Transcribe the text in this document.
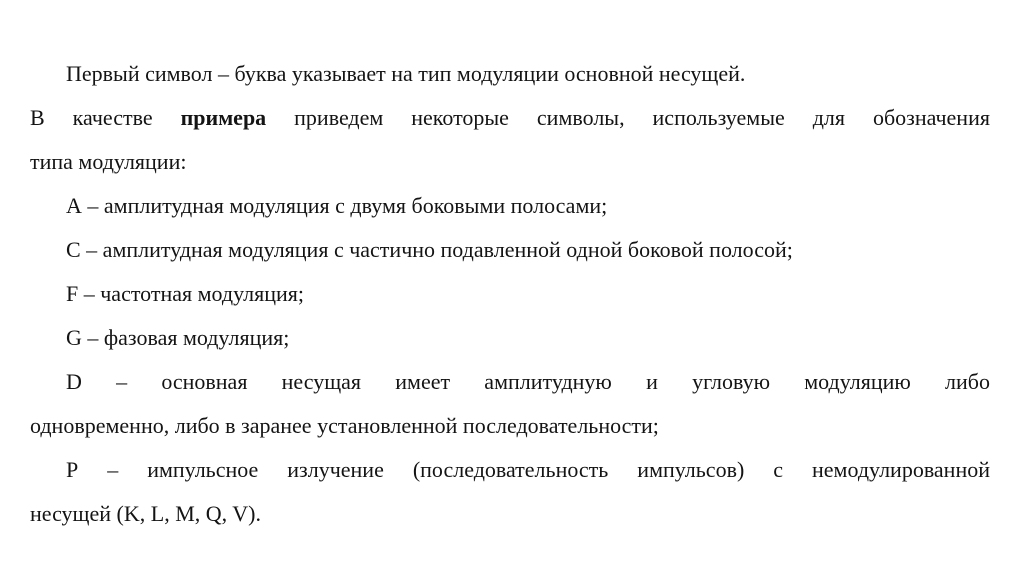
Первый символ – буква указывает на тип модуляции основной несущей.

В качестве примера приведем некоторые символы, используемые для обозначения

типа модуляции:

А – амплитудная модуляция с двумя боковыми полосами;

С – амплитудная модуляция с частично подавленной одной боковой полосой;

F – частотная модуляция;

G – фазовая модуляция;

D – основная несущая имеет амплитудную и угловую модуляцию либо

одновременно, либо в заранее установленной последовательности;

Р – импульсное излучение (последовательность импульсов) с немодулированной

несущей (K, L, M, Q, V).
